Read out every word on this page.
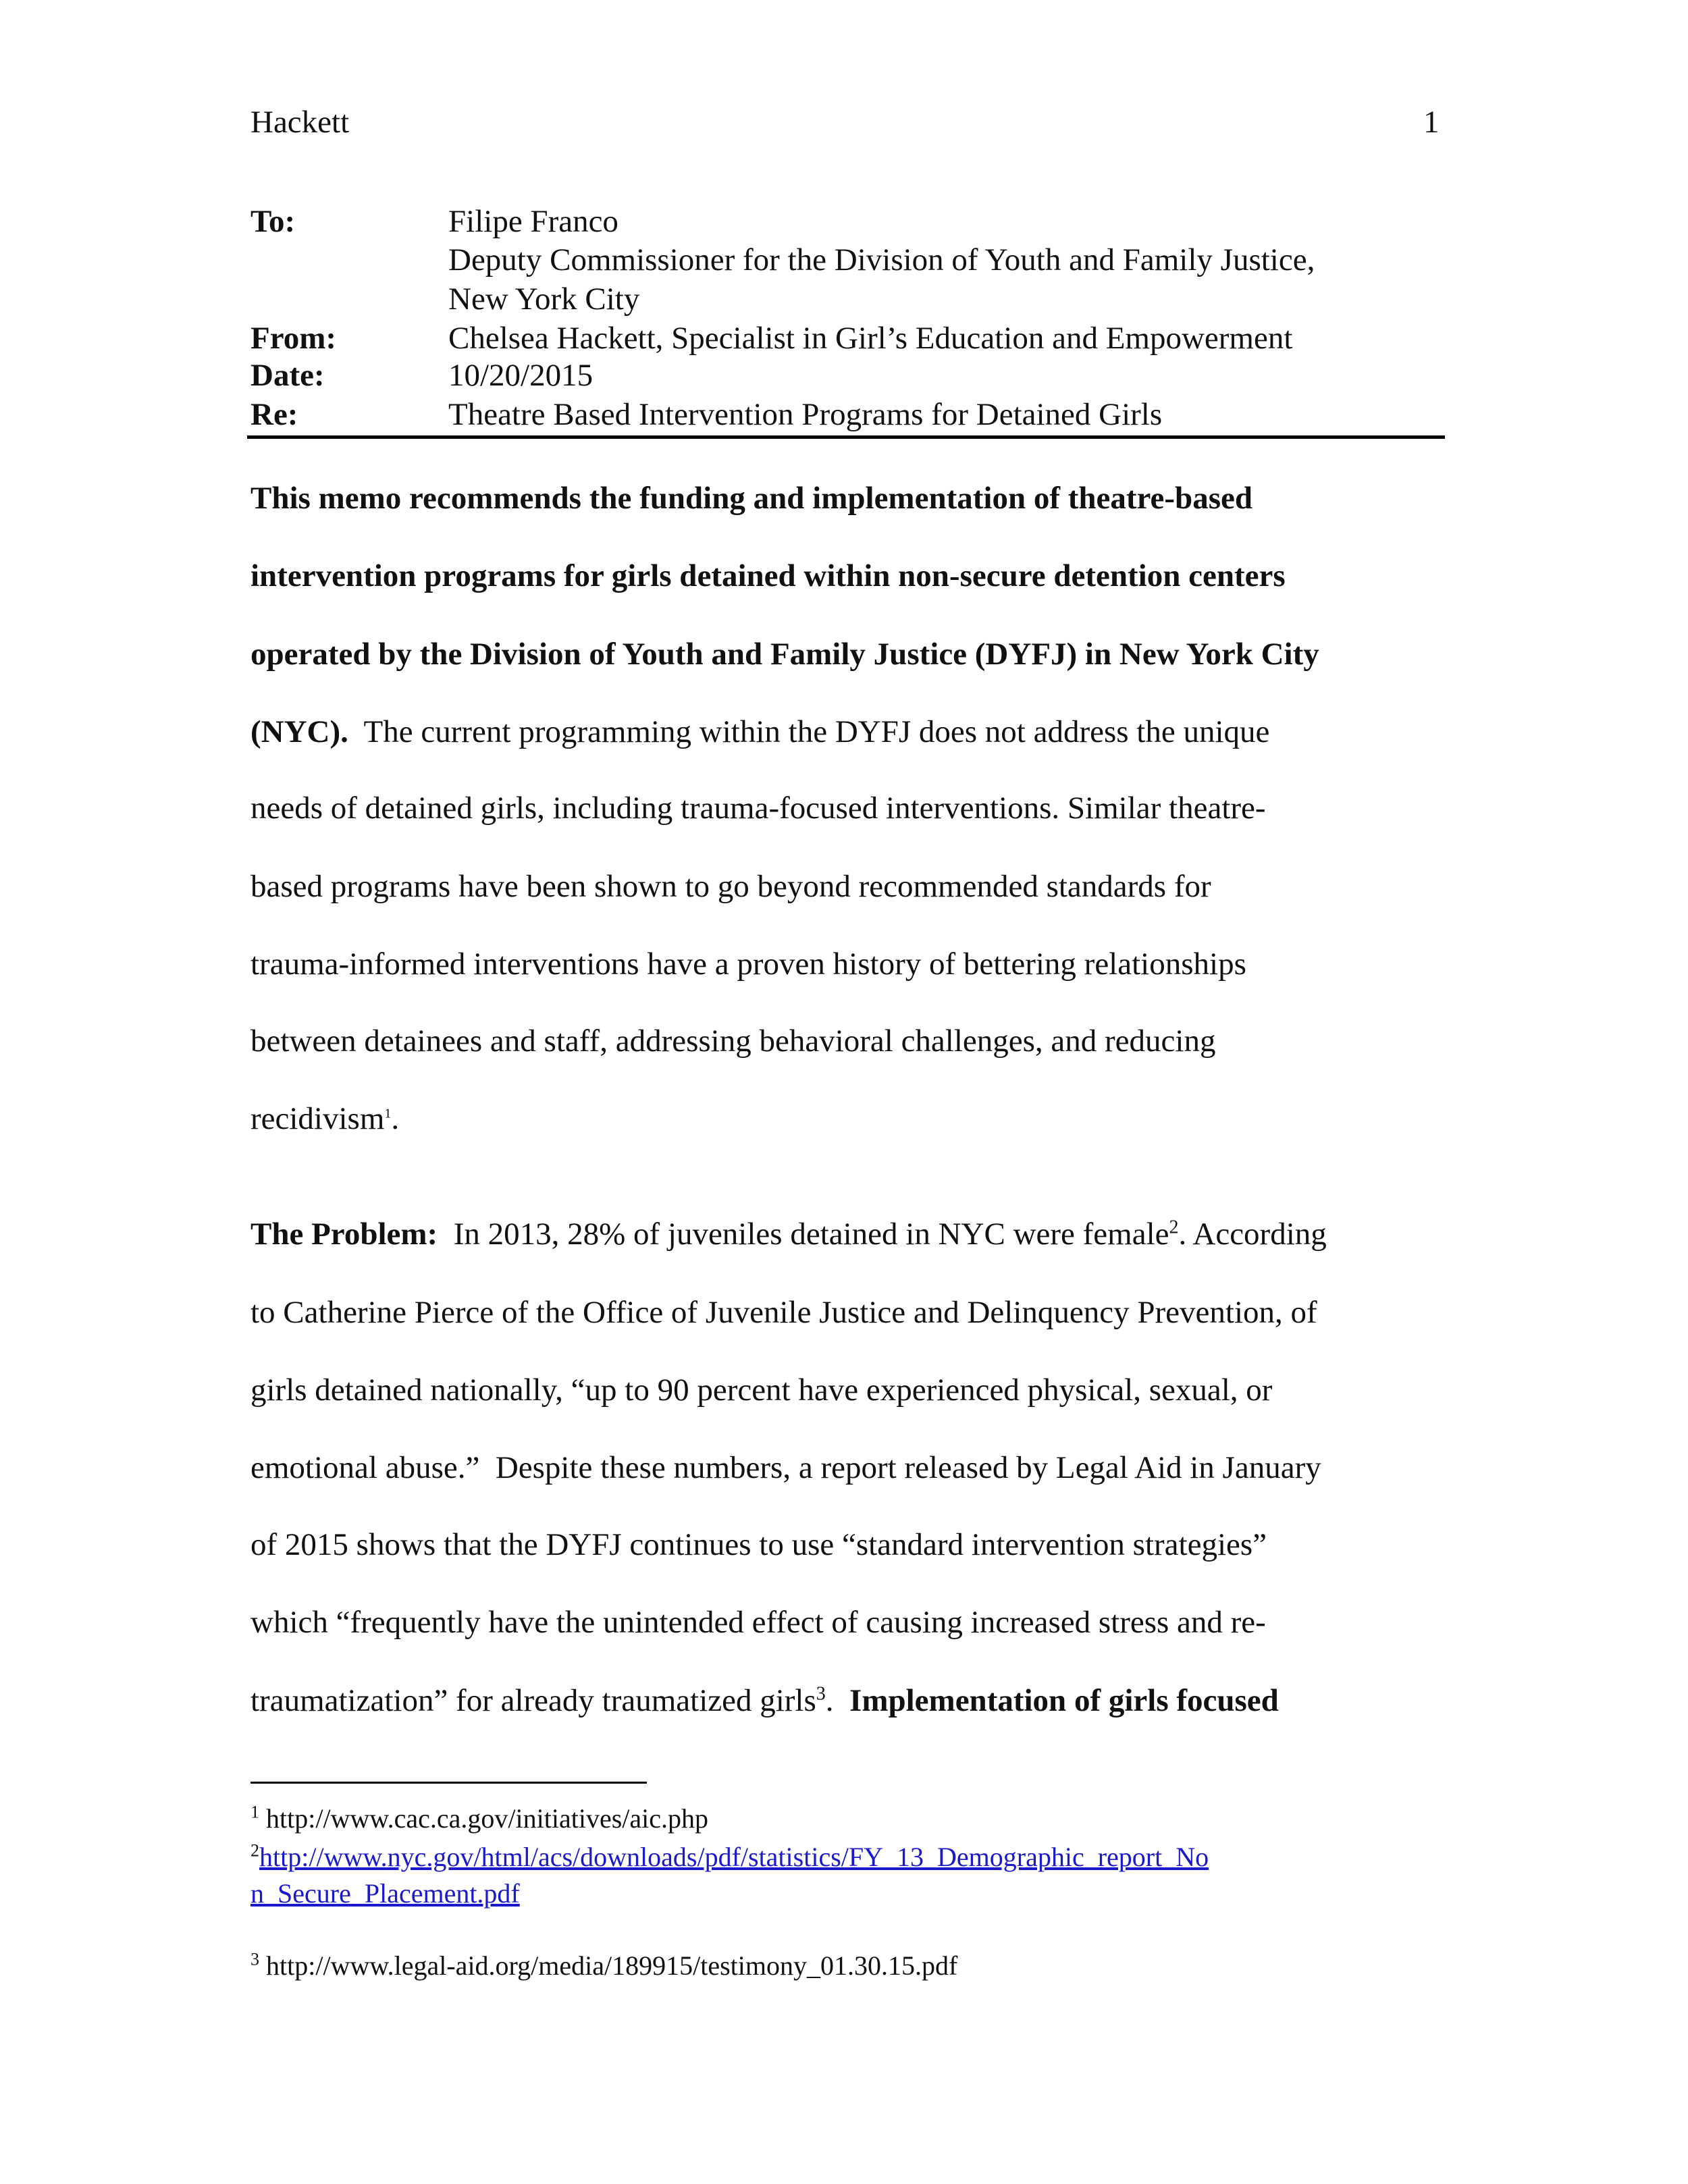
Hackett	1
To:	Filipe Franco
Deputy Commissioner for the Division of Youth and Family Justice,
New York City
From:	Chelsea Hackett, Specialist in Girl’s Education and Empowerment
Date:	10/20/2015
Re:	Theatre Based Intervention Programs for Detained Girls
This memo recommends the funding and implementation of theatre-based
intervention programs for girls detained within non-secure detention centers
operated by the Division of Youth and Family Justice (DYFJ) in New York City
(NYC).  The current programming within the DYFJ does not address the unique
needs of detained girls, including trauma-focused interventions. Similar theatre-
based programs have been shown to go beyond recommended standards for
trauma-informed interventions have a proven history of bettering relationships
between detainees and staff, addressing behavioral challenges, and reducing
recidivism$^1$.
The Problem:  In 2013, 28% of juveniles detained in NYC were female$^2$. According
to Catherine Pierce of the Office of Juvenile Justice and Delinquency Prevention, of
girls detained nationally, “up to 90 percent have experienced physical, sexual, or
emotional abuse.”  Despite these numbers, a report released by Legal Aid in January
of 2015 shows that the DYFJ continues to use “standard intervention strategies”
which “frequently have the unintended effect of causing increased stress and re-
traumatization” for already traumatized girls$^3$.  Implementation of girls focused
$^1$ http://www.cac.ca.gov/initiatives/aic.php
$^2$http://www.nyc.gov/html/acs/downloads/pdf/statistics/FY_13_Demographic_report_No
n_Secure_Placement.pdf
$^3$ http://www.legal-aid.org/media/189915/testimony_01.30.15.pdf
